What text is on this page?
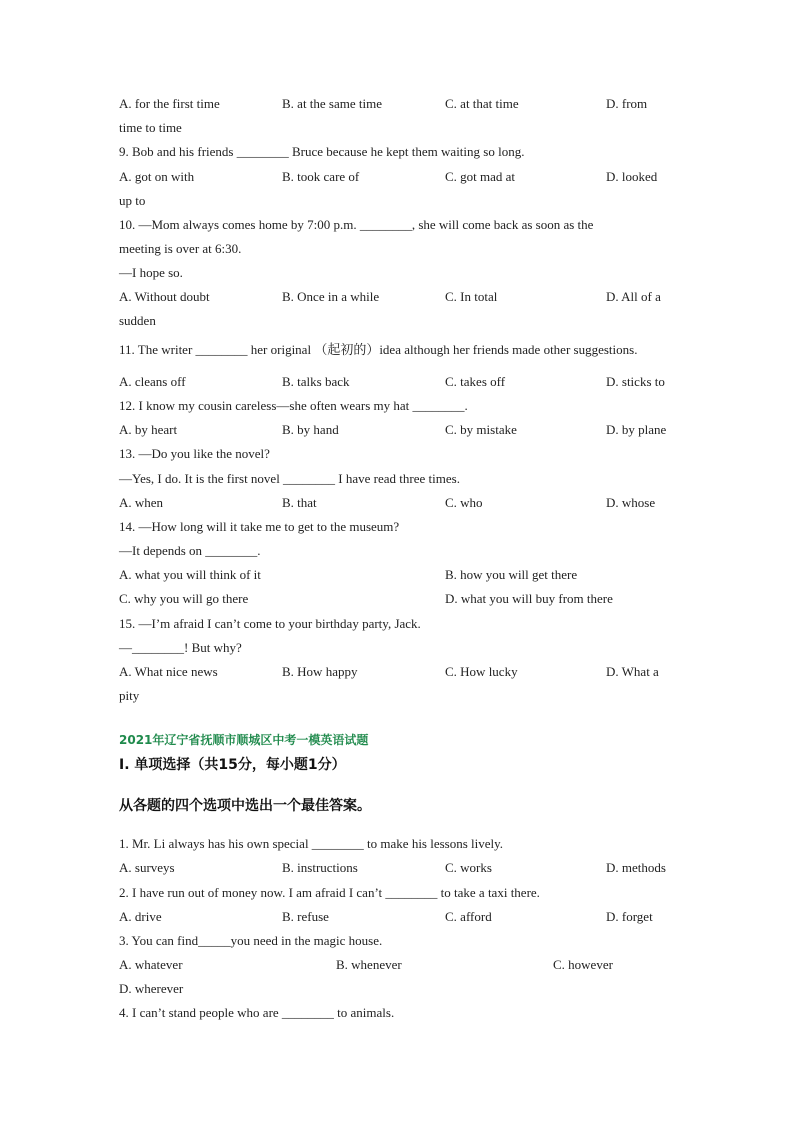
A. for the first time	B. at the same time	C. at that time	D. from
time to time
9. Bob and his friends ________ Bruce because he kept them waiting so long.
A. got on with	B. took care of	C. got mad at	D. looked
up to
10. —Mom always comes home by 7:00 p.m. ________, she will come back as soon as the
meeting is over at 6:30.
—I hope so.
A. Without doubt	B. Once in a while	C. In total	D. All of a
sudden
11. The writer ________ her original （起初的）idea although her friends made other suggestions.
A. cleans off	B. talks back	C. takes off	D. sticks to
12. I know my cousin careless—she often wears my hat ________.
A. by heart	B. by hand	C. by mistake	D. by plane
13. —Do you like the novel?
—Yes, I do. It is the first novel ________ I have read three times.
A. when	B. that	C. who	D. whose
14. —How long will it take me to get to the museum?
—It depends on ________.
A. what you will think of it	B. how you will get there
C. why you will go there	D. what you will buy from there
15. —I’m afraid I can’t come to your birthday party, Jack.
—________! But why?
A. What nice news	B. How happy	C. How lucky	D. What a
pity
2021年辽宁省抚顺市顺城区中考一模英语试题
Ⅰ. 单项选择（共15分，每小题1分）
从各题的四个选项中选出一个最佳答案。
1. Mr. Li always has his own special ________ to make his lessons lively.
A. surveys	B. instructions	C. works	D. methods
2. I have run out of money now. I am afraid I can’t ________ to take a taxi there.
A. drive	B. refuse	C. afford	D. forget
3. You can find_____you need in the magic house.
A. whatever	B. whenever	C. however
D. wherever
4. I can’t stand people who are ________ to animals.
